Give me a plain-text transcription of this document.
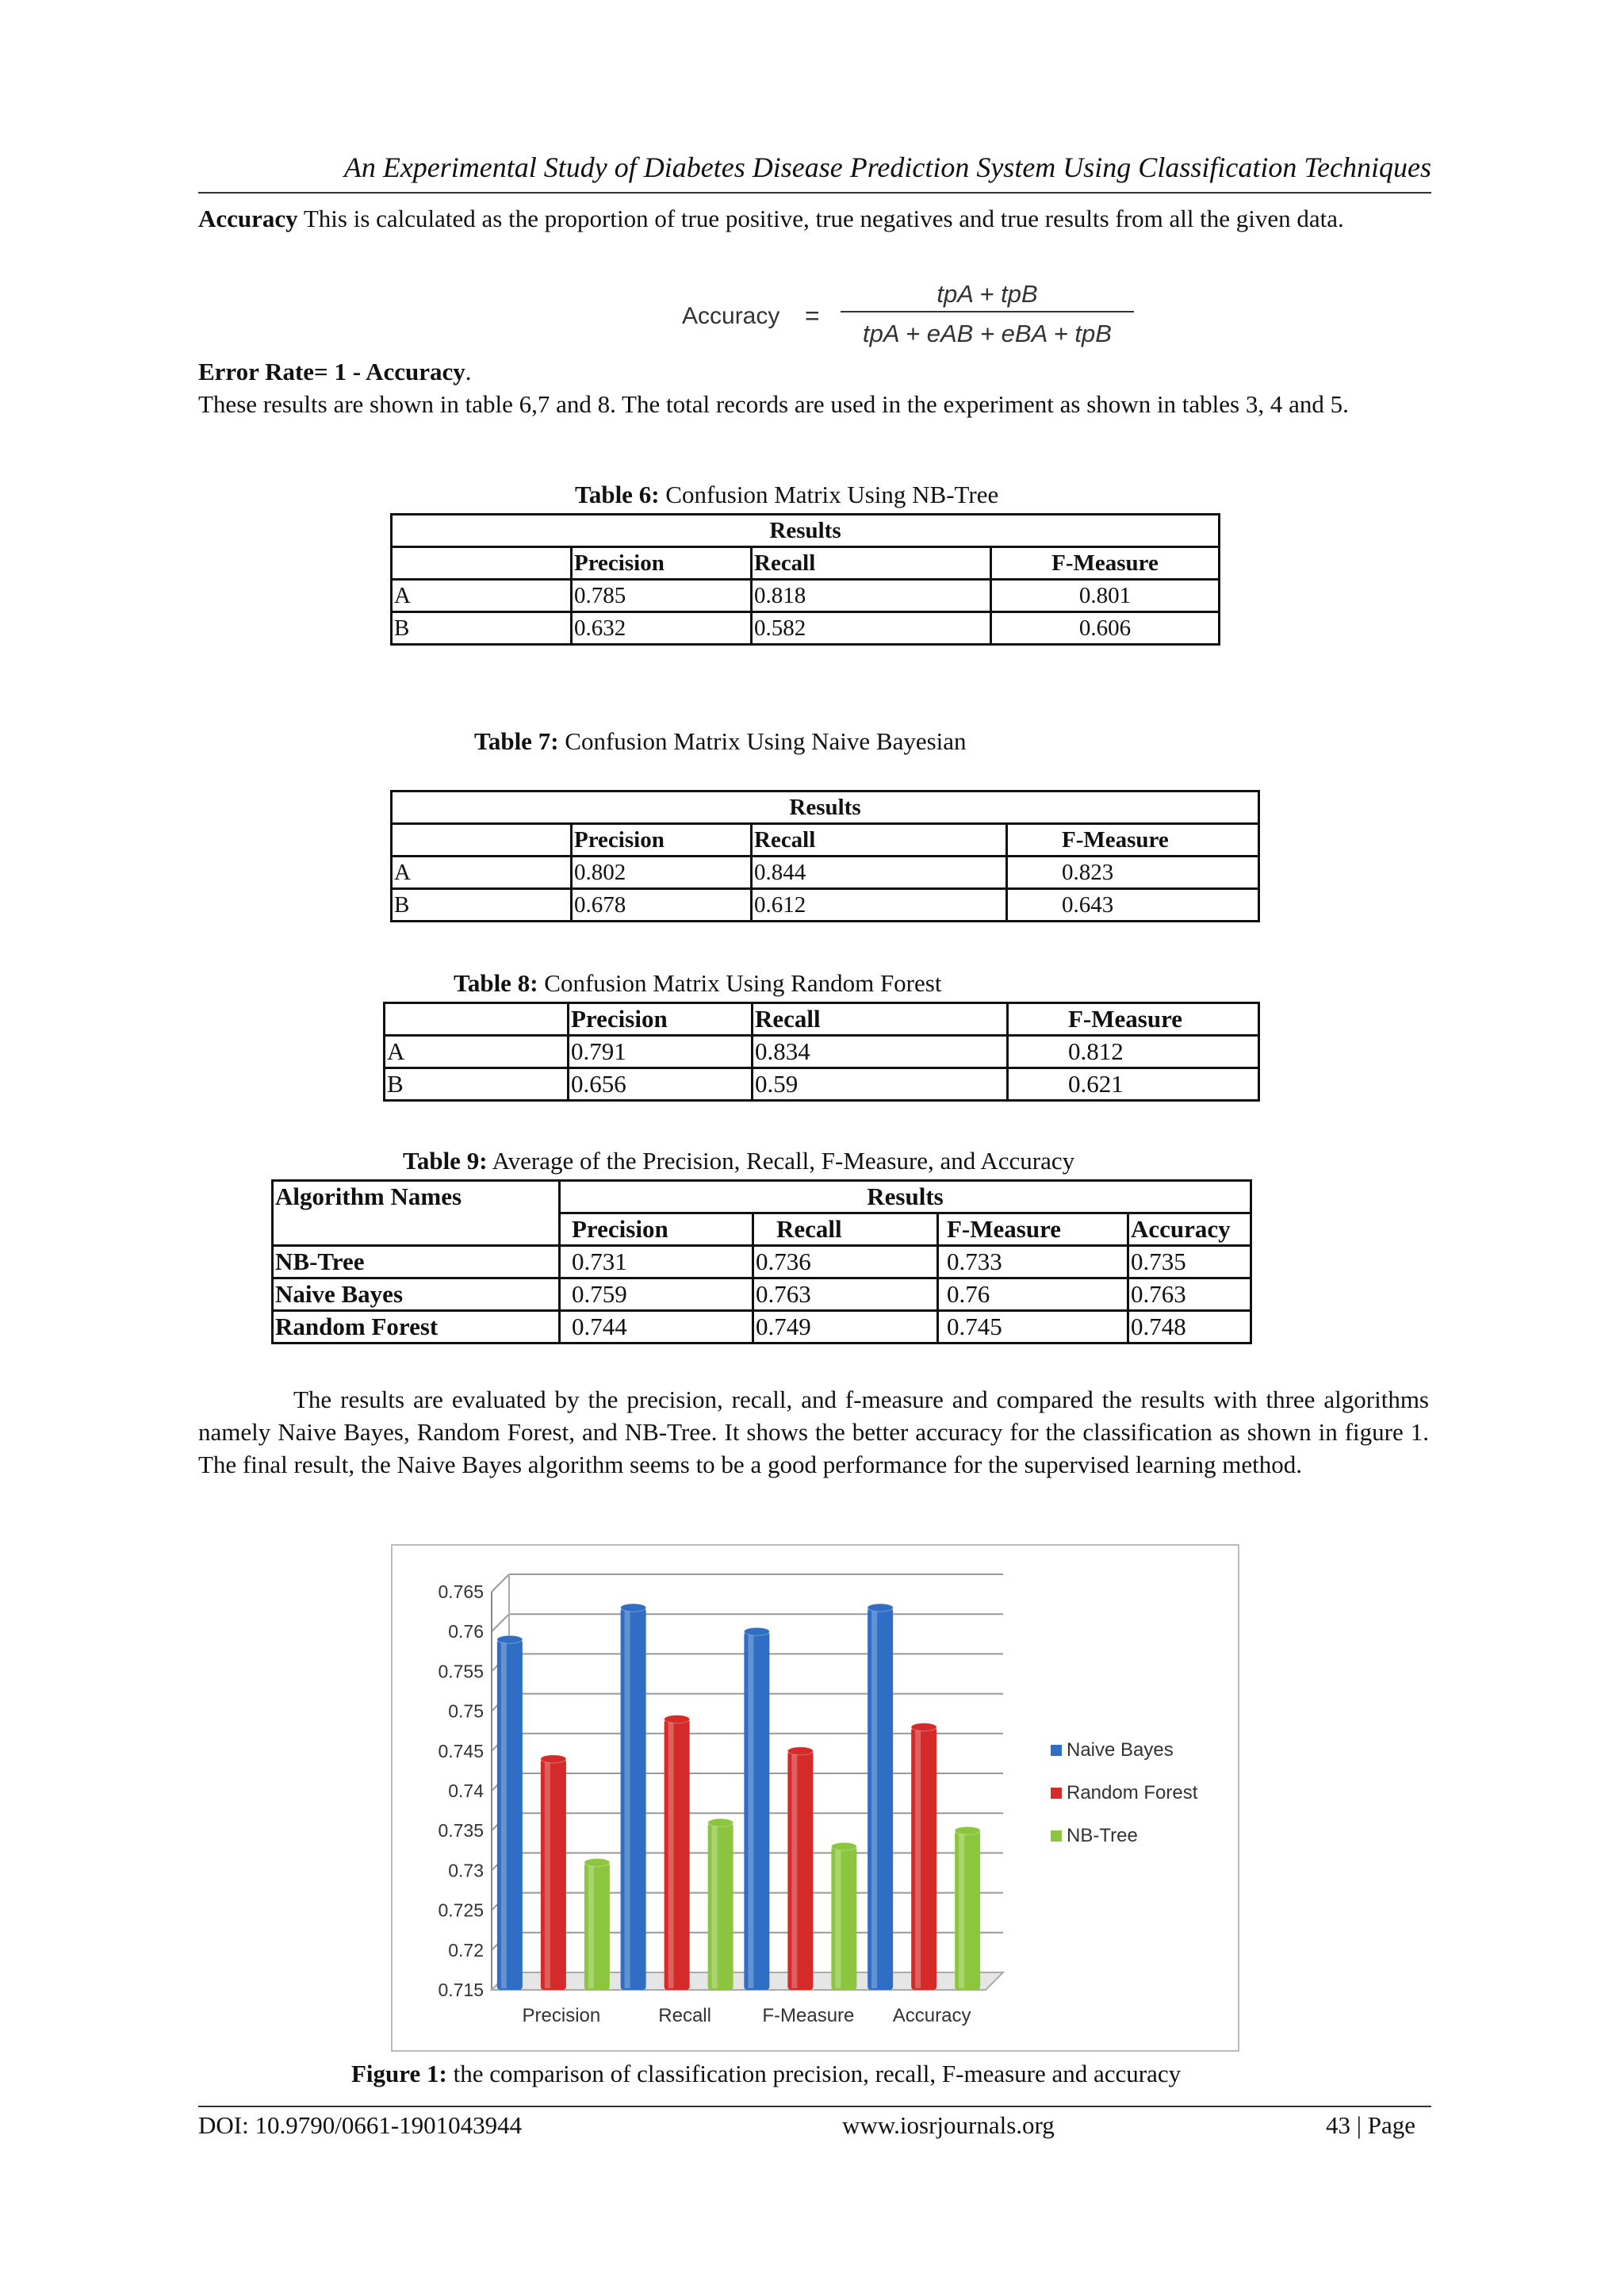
An Experimental Study of Diabetes Disease Prediction System Using Classification Techniques

Accuracy This is calculated as the proportion of true positive, true negatives and true results from all the given data.

Accuracy =
tpA + tpB
tpA + eAB + eBA + tpB

Error Rate= 1 - Accuracy.

These results are shown in table 6,7 and 8. The total records are used in the experiment as shown in tables 3, 4 and 5.

Table 6: Confusion Matrix Using NB-Tree
Results			
	Precision	Recall	F-Measure
A	0.785	0.818	0.801
B	0.632	0.582	0.606
Table 7: Confusion Matrix Using Naive Bayesian
Results			
	Precision	Recall	F-Measure
A	0.802	0.844	0.823
B	0.678	0.612	0.643
Table 8: Confusion Matrix Using Random Forest
	Precision	Recall	F-Measure
A	0.791	0.834	0.812
B	0.656	0.59	0.621
Table 9: Average of the Precision, Recall, F-Measure, and Accuracy
Algorithm Names	Results			
	Precision	Recall	F-Measure	Accuracy
NB-Tree	0.731	0.736	0.733	0.735
Naive Bayes	0.759	0.763	0.76	0.763
Random Forest	0.744	0.749	0.745	0.748

The results are evaluated by the precision, recall, and f-measure and compared the results with three algorithms namely Naive Bayes, Random Forest, and NB-Tree. It shows the better accuracy for the classification as shown in figure 1. The final result, the Naive Bayes algorithm seems to be a good performance for the supervised learning method.

0.765
0.76
0.755
0.75
0.745
0.74
0.735
0.73
0.725
0.72
0.715
Precision	Recall	F-Measure Accuracy
Naive Bayes
Random Forest
NB-Tree
Figure 1: the comparison of classification precision, recall, F-measure and accuracy
DOI: 10.9790/0661-1901043944	www.iosrjournals.org	43 | Page
